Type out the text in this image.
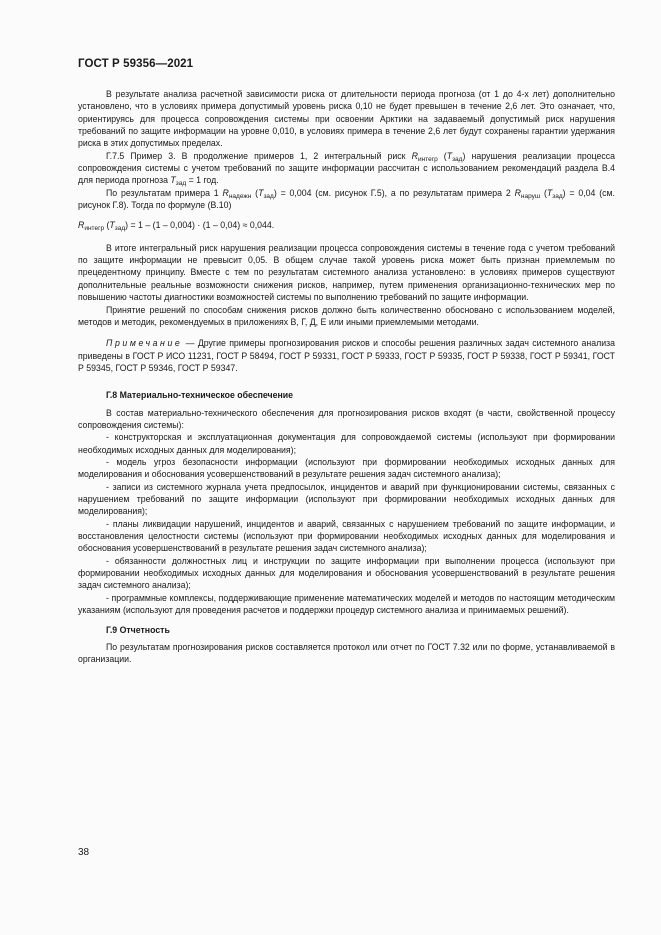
ГОСТ Р 59356—2021

В результате анализа расчетной зависимости риска от длительности периода прогноза (от 1 до 4-х лет) дополнительно установлено, что в условиях примера допустимый уровень риска 0,10 не будет превышен в течение 2,6 лет. Это означает, что, ориентируясь для процесса сопровождения системы при освоении Арктики на задаваемый допустимый риск нарушения требований по защите информации на уровне 0,010, в условиях примера в течение 2,6 лет будут сохранены гарантии удержания риска в этих допустимых пределах.

Г.7.5 Пример 3. В продолжение примеров 1, 2 интегральный риск $R_{интегр}$ $(T_{зад})$ нарушения реализации процесса сопровождения системы с учетом требований по защите информации рассчитан с использованием рекомендаций раздела В.4 для периода прогноза $T_{зад} = 1$ год.

По результатам примера 1 $R_{надежн}$ $(T_{зад}) = 0,004$ (см. рисунок Г.5), а по результатам примера 2 $R_{наруш}$ $(T_{зад}) = 0,04$ (см. рисунок Г.8). Тогда по формуле (В.10)

$R_{интегр}$ $(T_{зад}) = 1 - (1 - 0,004) \cdot (1 - 0,04) \approx 0,044$.

В итоге интегральный риск нарушения реализации процесса сопровождения системы в течение года с учетом требований по защите информации не превысит 0,05. В общем случае такой уровень риска может быть признан приемлемым по прецедентному принципу. Вместе с тем по результатам системного анализа установлено: в условиях примеров существуют дополнительные реальные возможности снижения рисков, например, путем применения организационно-технических мер по повышению частоты диагностики возможностей системы по выполнению требований по защите информации.

Принятие решений по способам снижения рисков должно быть количественно обосновано с использованием моделей, методов и методик, рекомендуемых в приложениях В, Г, Д, Е или иными приемлемыми методами.

Примечание — Другие примеры прогнозирования рисков и способы решения различных задач системного анализа приведены в ГОСТ Р ИСО 11231, ГОСТ Р 58494, ГОСТ Р 59331, ГОСТ Р 59333, ГОСТ Р 59335, ГОСТ Р 59338, ГОСТ Р 59341, ГОСТ Р 59345, ГОСТ Р 59346, ГОСТ Р 59347.

Г.8 Материально-техническое обеспечение

В состав материально-технического обеспечения для прогнозирования рисков входят (в части, свойственной процессу сопровождения системы):

- конструкторская и эксплуатационная документация для сопровождаемой системы (используют при формировании необходимых исходных данных для моделирования);

- модель угроз безопасности информации (используют при формировании необходимых исходных данных для моделирования и обоснования усовершенствований в результате решения задач системного анализа);

- записи из системного журнала учета предпосылок, инцидентов и аварий при функционировании системы, связанных с нарушением требований по защите информации (используют при формировании необходимых исходных данных для моделирования);

- планы ликвидации нарушений, инцидентов и аварий, связанных с нарушением требований по защите информации, и восстановления целостности системы (используют при формировании необходимых исходных данных для моделирования и обоснования усовершенствований в результате решения задач системного анализа);

- обязанности должностных лиц и инструкции по защите информации при выполнении процесса (используют при формировании необходимых исходных данных для моделирования и обоснования усовершенствований в результате решения задач системного анализа);

- программные комплексы, поддерживающие применение математических моделей и методов по настоящим методическим указаниям (используют для проведения расчетов и поддержки процедур системного анализа и принимаемых решений).

Г.9 Отчетность

По результатам прогнозирования рисков составляется протокол или отчет по ГОСТ 7.32 или по форме, устанавливаемой в организации.

38
